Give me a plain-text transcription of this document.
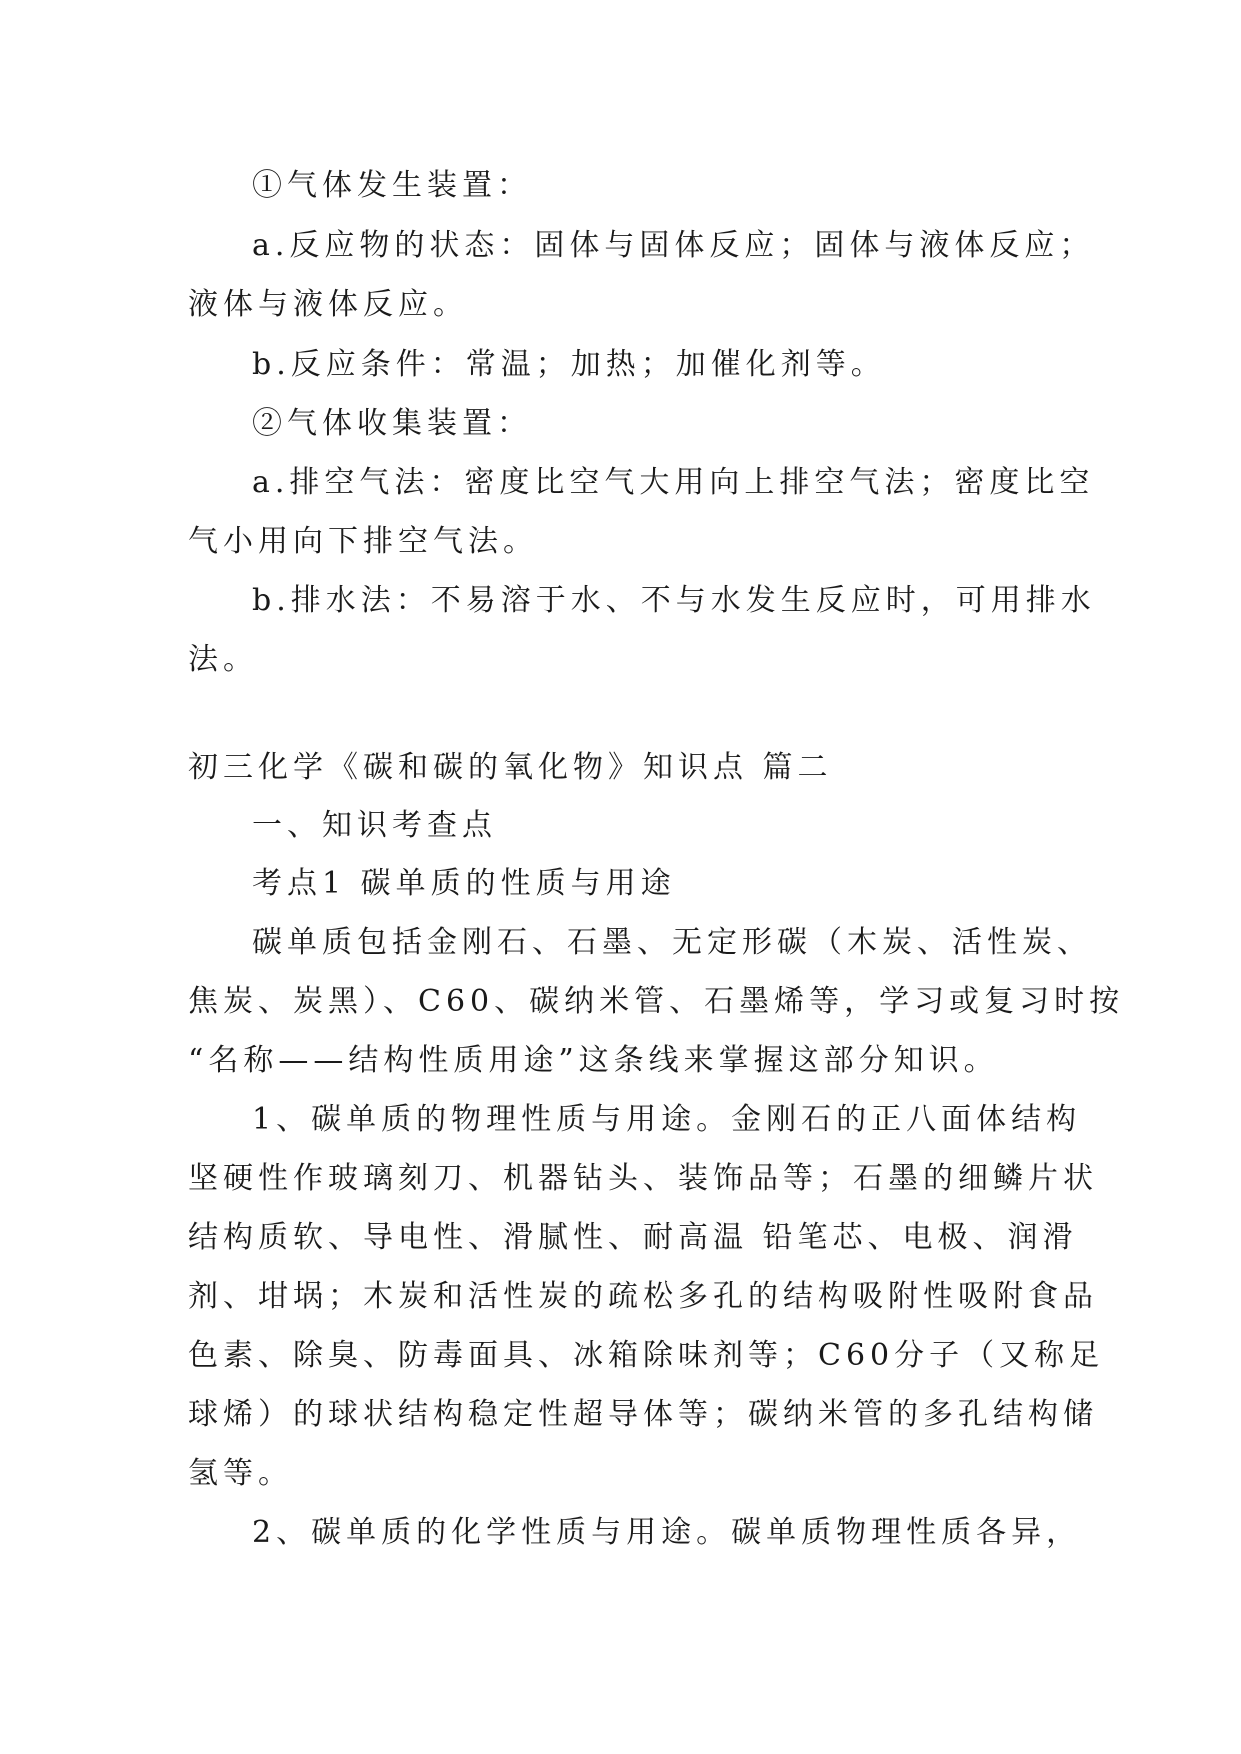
①气体发生装置：
a.反应物的状态：固体与固体反应；固体与液体反应；
液体与液体反应。
b.反应条件：常温；加热；加催化剂等。
②气体收集装置：
a.排空气法：密度比空气大用向上排空气法；密度比空
气小用向下排空气法。
b.排水法：不易溶于水、不与水发生反应时，可用排水
法。
初三化学《碳和碳的氧化物》知识点 篇二
一、知识考查点
考点1 碳单质的性质与用途
碳单质包括金刚石、石墨、无定形碳（木炭、活性炭、
焦炭、炭黑）、C60、碳纳米管、石墨烯等，学习或复习时按
“名称——结构性质用途”这条线来掌握这部分知识。
1、碳单质的物理性质与用途。金刚石的正八面体结构
坚硬性作玻璃刻刀、机器钻头、装饰品等；石墨的细鳞片状
结构质软、导电性、滑腻性、耐高温 铅笔芯、电极、润滑
剂、坩埚；木炭和活性炭的疏松多孔的结构吸附性吸附食品
色素、除臭、防毒面具、冰箱除味剂等；C60分子（又称足
球烯）的球状结构稳定性超导体等；碳纳米管的多孔结构储
氢等。
2、碳单质的化学性质与用途。碳单质物理性质各异，
